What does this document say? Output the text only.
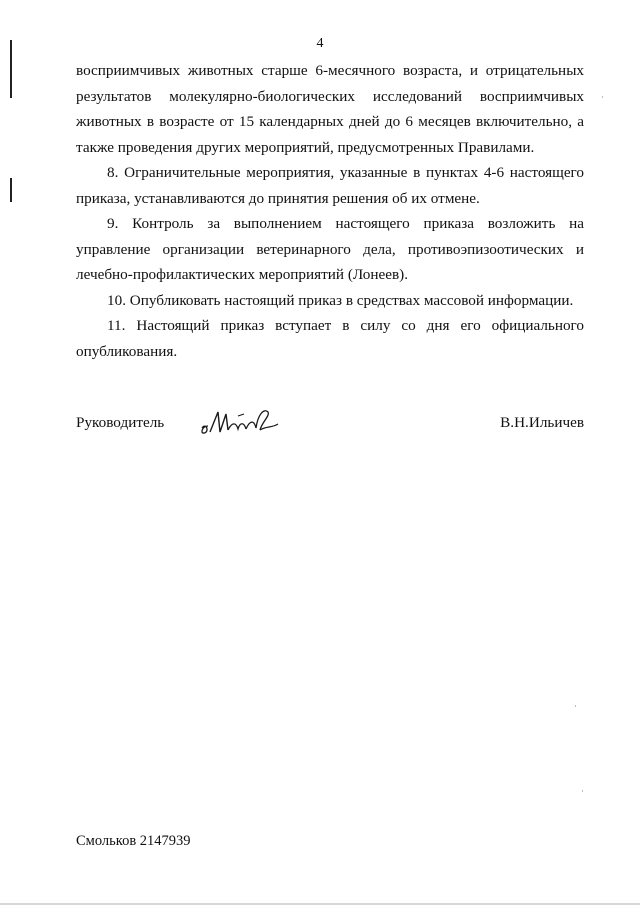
4

восприимчивых животных старше 6-месячного возраста, и отрицательных результатов молекулярно-биологических исследований восприимчивых животных в возрасте от 15 календарных дней до 6 месяцев включительно, а также проведения других мероприятий, предусмотренных Правилами.

8. Ограничительные мероприятия, указанные в пунктах 4-6 настоящего приказа, устанавливаются до принятия решения об их отмене.

9. Контроль за выполнением настоящего приказа возложить на управление организации ветеринарного дела, противоэпизоотических и лечебно-профилактических мероприятий (Лонеев).

10. Опубликовать настоящий приказ в средствах массовой информации.

11. Настоящий приказ вступает в силу со дня его официального опубликования.

Руководитель	В.Н.Ильичев
Смольков 2147939
